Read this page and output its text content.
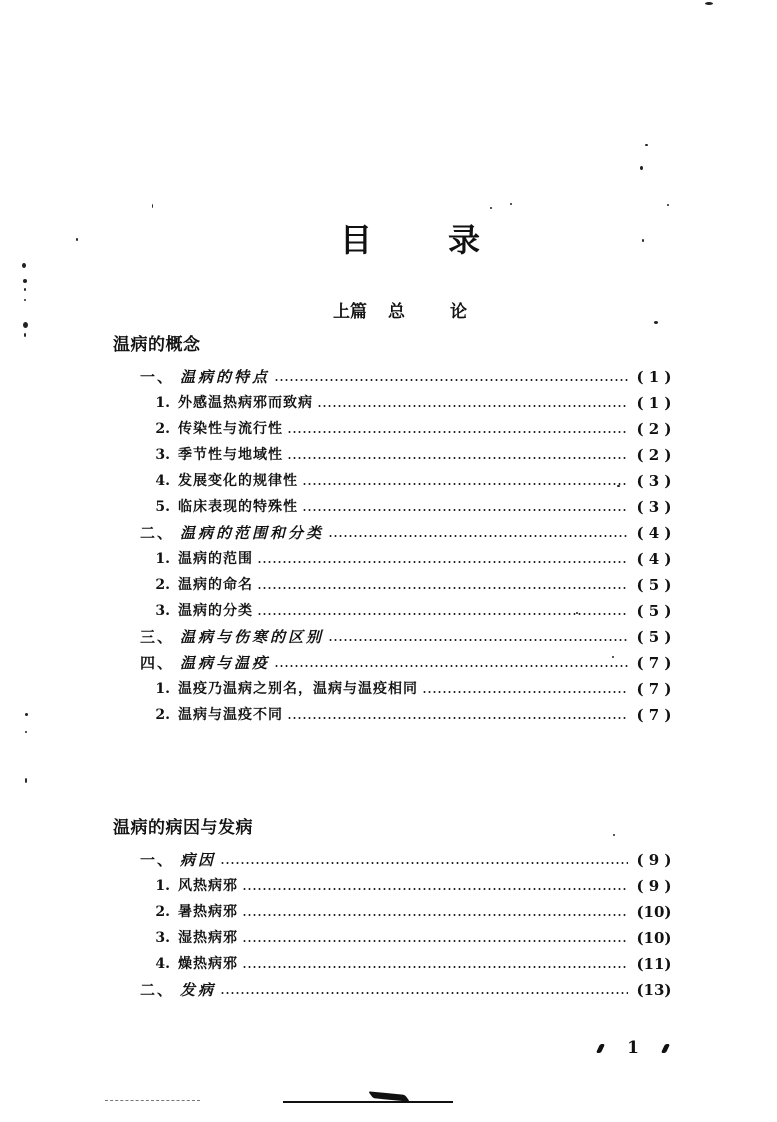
目 录
上篇	总	论
温病的概念
一、 温病的特点	( 1 )
1. 外感温热病邪而致病	( 1 )
2. 传染性与流行性	( 2 )
3. 季节性与地域性	( 2 )
4. 发展变化的规律性	( 3 )
5. 临床表现的特殊性	( 3 )
二、 温病的范围和分类	( 4 )
1. 温病的范围	( 4 )
2. 温病的命名	( 5 )
3. 温病的分类	( 5 )
三、 温病与伤寒的区别	( 5 )
四、 温病与温疫	( 7 )
1. 温疫乃温病之别名，温病与温疫相同	( 7 )
2. 温病与温疫不同	( 7 )
温病的病因与发病
一、 病因	( 9 )
1. 风热病邪	( 9 )
2. 暑热病邪	(10)
3. 湿热病邪	(10)
4. 燥热病邪	(11)
二、 发病	(13)
1
